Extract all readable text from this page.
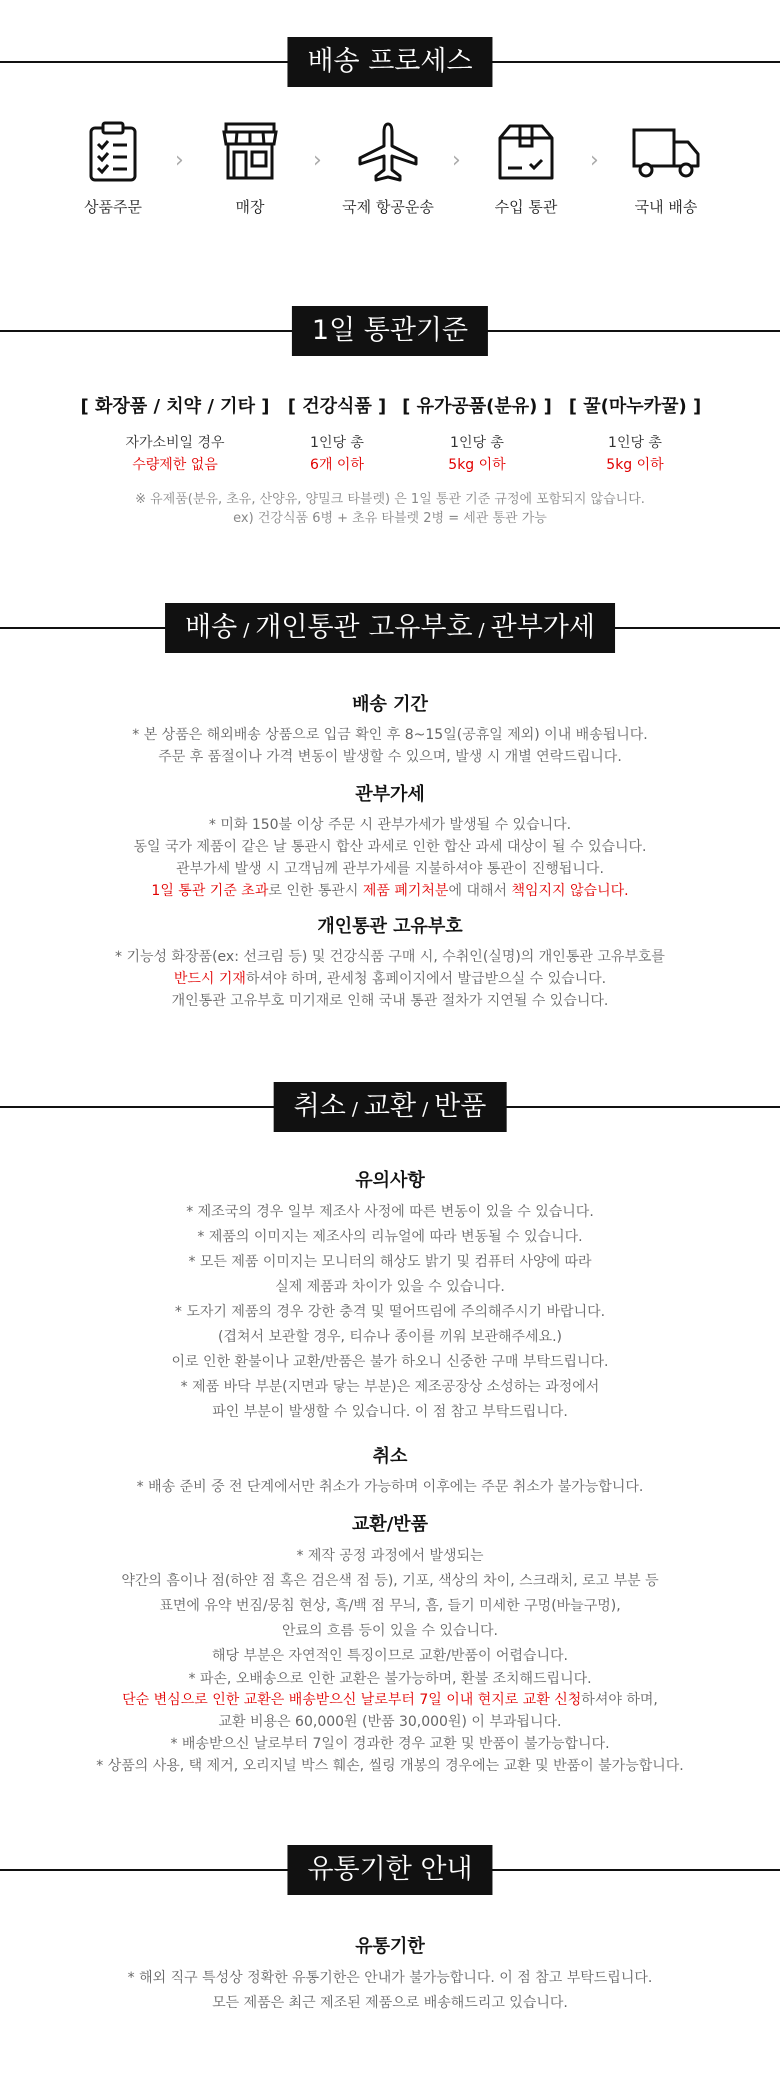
배송 프로세스
상품주문
›
매장
›
국제 항공운송
›
수입 통관
›
국내 배송
1일 통관기준
[ 화장품 / 치약 / 기타 ]
자가소비일 경우
수량제한 없음
[ 건강식품 ]
1인당 총
6개 이하
[ 유가공품(분유) ]
1인당 총
5kg 이하
[ 꿀(마누카꿀) ]
1인당 총
5kg 이하
※ 유제품(분유, 초유, 산양유, 양밀크 타블렛) 은 1일 통관 기준 규정에 포함되지 않습니다.
ex) 건강식품 6병 + 초유 타블렛 2병 = 세관 통관 가능
배송 / 개인통관 고유부호 / 관부가세
배송 기간
* 본 상품은 해외배송 상품으로 입금 확인 후 8~15일(공휴일 제외) 이내 배송됩니다.
주문 후 품절이나 가격 변동이 발생할 수 있으며, 발생 시 개별 연락드립니다.
관부가세
* 미화 150불 이상 주문 시 관부가세가 발생될 수 있습니다.
동일 국가 제품이 같은 날 통관시 합산 과세로 인한 합산 과세 대상이 될 수 있습니다.
관부가세 발생 시 고객님께 관부가세를 지불하셔야 통관이 진행됩니다.
1일 통관 기준 초과로 인한 통관시 제품 폐기처분에 대해서 책임지지 않습니다.
개인통관 고유부호
* 기능성 화장품(ex: 선크림 등) 및 건강식품 구매 시, 수취인(실명)의 개인통관 고유부호를
반드시 기재하셔야 하며, 관세청 홈페이지에서 발급받으실 수 있습니다.
개인통관 고유부호 미기재로 인해 국내 통관 절차가 지연될 수 있습니다.
취소 / 교환 / 반품
유의사항
* 제조국의 경우 일부 제조사 사정에 따른 변동이 있을 수 있습니다.
* 제품의 이미지는 제조사의 리뉴얼에 따라 변동될 수 있습니다.
* 모든 제품 이미지는 모니터의 해상도 밝기 및 컴퓨터 사양에 따라
실제 제품과 차이가 있을 수 있습니다.
* 도자기 제품의 경우 강한 충격 및 떨어뜨림에 주의해주시기 바랍니다.
(겹쳐서 보관할 경우, 티슈나 종이를 끼워 보관해주세요.)
이로 인한 환불이나 교환/반품은 불가 하오니 신중한 구매 부탁드립니다.
* 제품 바닥 부분(지면과 닿는 부분)은 제조공장상 소성하는 과정에서
파인 부분이 발생할 수 있습니다. 이 점 참고 부탁드립니다.
취소
* 배송 준비 중 전 단계에서만 취소가 가능하며 이후에는 주문 취소가 불가능합니다.
교환/반품
* 제작 공정 과정에서 발생되는
약간의 흠이나 점(하얀 점 혹은 검은색 점 등), 기포, 색상의 차이, 스크래치, 로고 부분 등
표면에 유약 번짐/뭉침 현상, 흑/백 점 무늬, 흠, 들기 미세한 구멍(바늘구멍),
안료의 흐름 등이 있을 수 있습니다.
해당 부분은 자연적인 특징이므로 교환/반품이 어렵습니다.
* 파손, 오배송으로 인한 교환은 불가능하며, 환불 조치해드립니다.
단순 변심으로 인한 교환은 배송받으신 날로부터 7일 이내 현지로 교환 신청하셔야 하며,
교환 비용은 60,000원 (반품 30,000원) 이 부과됩니다.
* 배송받으신 날로부터 7일이 경과한 경우 교환 및 반품이 불가능합니다.
* 상품의 사용, 택 제거, 오리지널 박스 훼손, 씰링 개봉의 경우에는 교환 및 반품이 불가능합니다.
유통기한 안내
유통기한
* 해외 직구 특성상 정확한 유통기한은 안내가 불가능합니다. 이 점 참고 부탁드립니다.
모든 제품은 최근 제조된 제품으로 배송해드리고 있습니다.
